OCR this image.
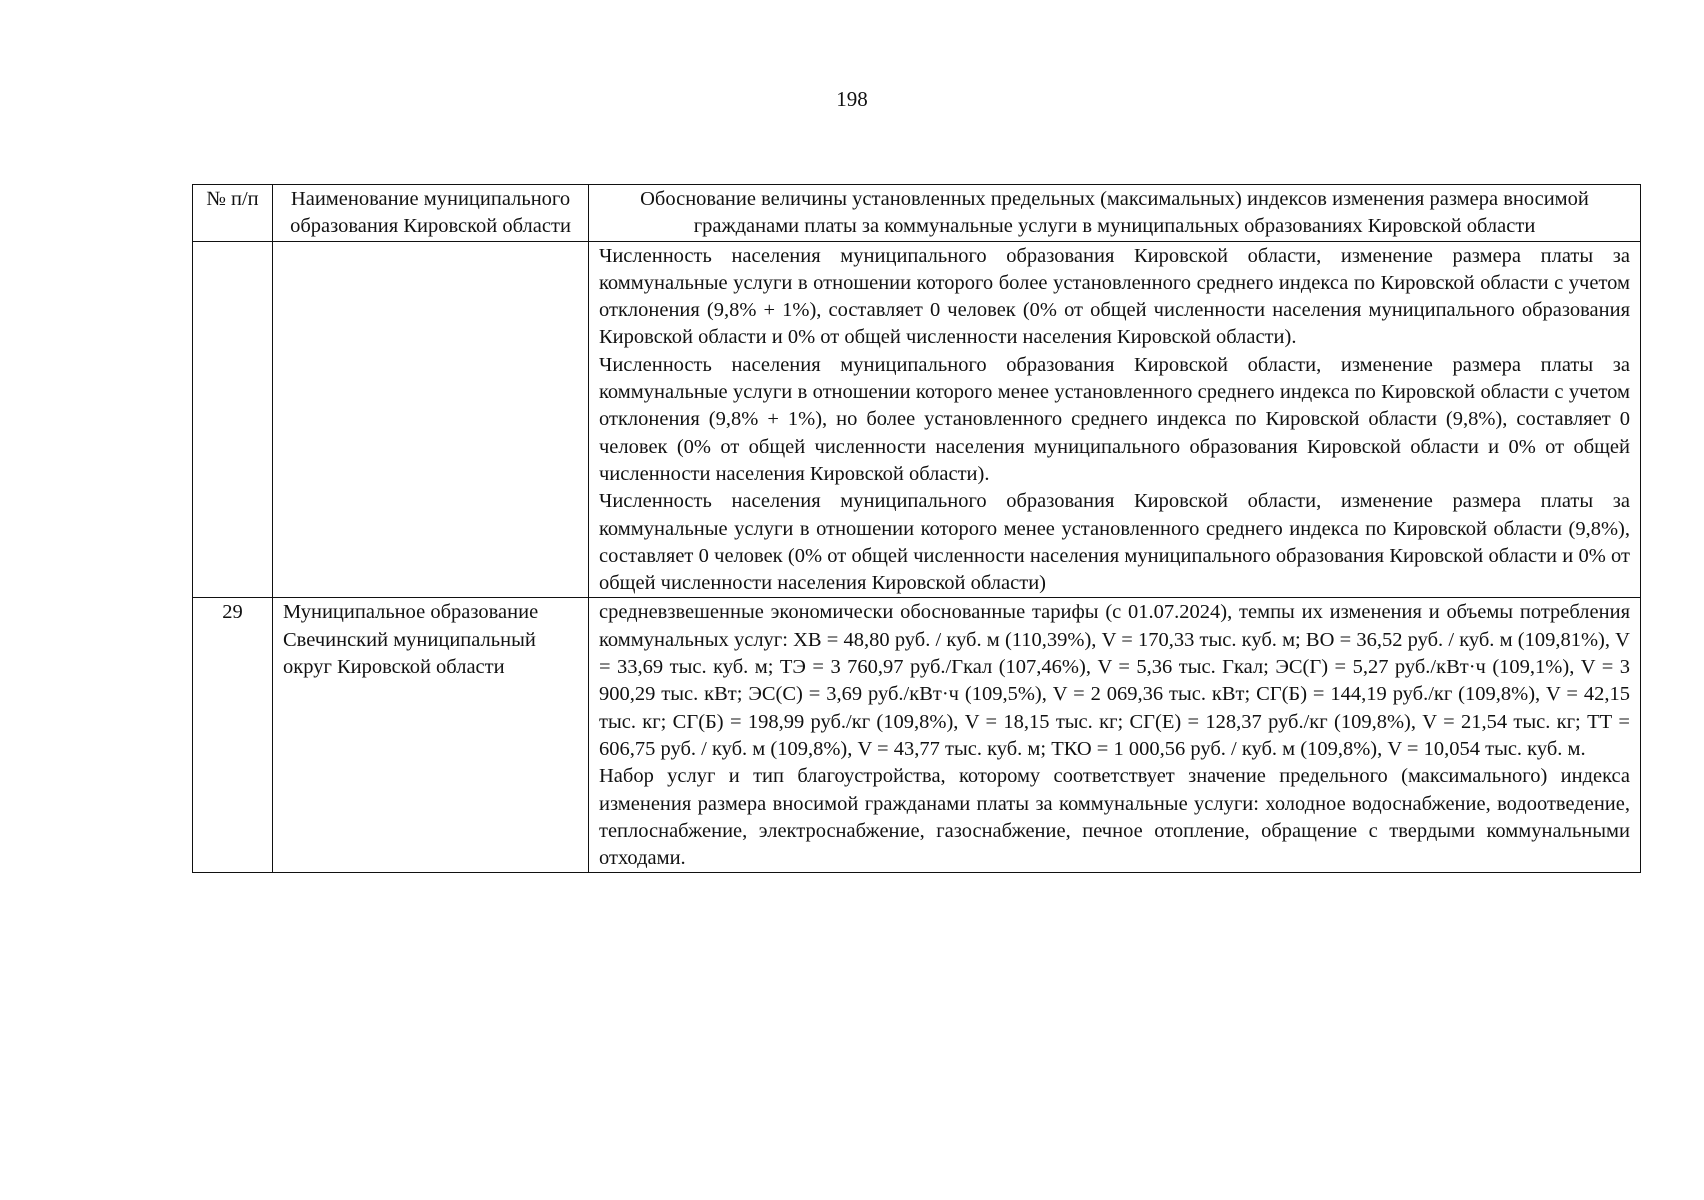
198
№ п/п	Наименование муниципального образования Кировской области	Обоснование величины установленных предельных (максимальных) индексов изменения размера вносимой гражданами платы за коммунальные услуги в муниципальных образованиях Кировской области

		Численность населения муниципального образования Кировской области, изменение размера платы за коммунальные услуги в отношении которого более установленного среднего индекса по Кировской области с учетом отклонения (9,8% + 1%), составляет 0 человек (0% от общей численности населения муниципального образования Кировской области и 0% от общей численности населения Кировской области).

Численность населения муниципального образования Кировской области, изменение размера платы за коммунальные услуги в отношении которого менее установленного среднего индекса по Кировской области с учетом отклонения (9,8% + 1%), но более установленного среднего индекса по Кировской области (9,8%), составляет 0 человек (0% от общей численности населения муниципального образования Кировской области и 0% от общей численности населения Кировской области).

Численность населения муниципального образования Кировской области, изменение размера платы за коммунальные услуги в отношении которого менее установленного среднего индекса по Кировской области (9,8%), составляет 0 человек (0% от общей численности населения муниципального образования Кировской области и 0% от общей численности населения Кировской области)

29	Муниципальное образование Свечинский муниципальный округ Кировской области	средневзвешенные экономически обоснованные тарифы (с 01.07.2024), темпы их изменения и объемы потребления коммунальных услуг: ХВ = 48,80 руб. / куб. м (110,39%), V = 170,33 тыс. куб. м; ВО = 36,52 руб. / куб. м (109,81%), V = 33,69 тыс. куб. м; ТЭ = 3 760,97 руб./Гкал (107,46%), V = 5,36 тыс. Гкал; ЭС(Г) = 5,27 руб./кВт·ч (109,1%), V = 3 900,29 тыс. кВт; ЭС(С) = 3,69 руб./кВт·ч (109,5%), V = 2 069,36 тыс. кВт; СГ(Б) = 144,19 руб./кг (109,8%), V = 42,15 тыс. кг; СГ(Б) = 198,99 руб./кг (109,8%), V = 18,15 тыс. кг; СГ(Е) = 128,37 руб./кг (109,8%), V = 21,54 тыс. кг; ТТ = 606,75 руб. / куб. м (109,8%), V = 43,77 тыс. куб. м; ТКО = 1 000,56 руб. / куб. м (109,8%), V = 10,054 тыс. куб. м.

Набор услуг и тип благоустройства, которому соответствует значение предельного (максимального) индекса изменения размера вносимой гражданами платы за коммунальные услуги: холодное водоснабжение, водоотведение, теплоснабжение, электроснабжение, газоснабжение, печное отопление, обращение с твердыми коммунальными отходами.
